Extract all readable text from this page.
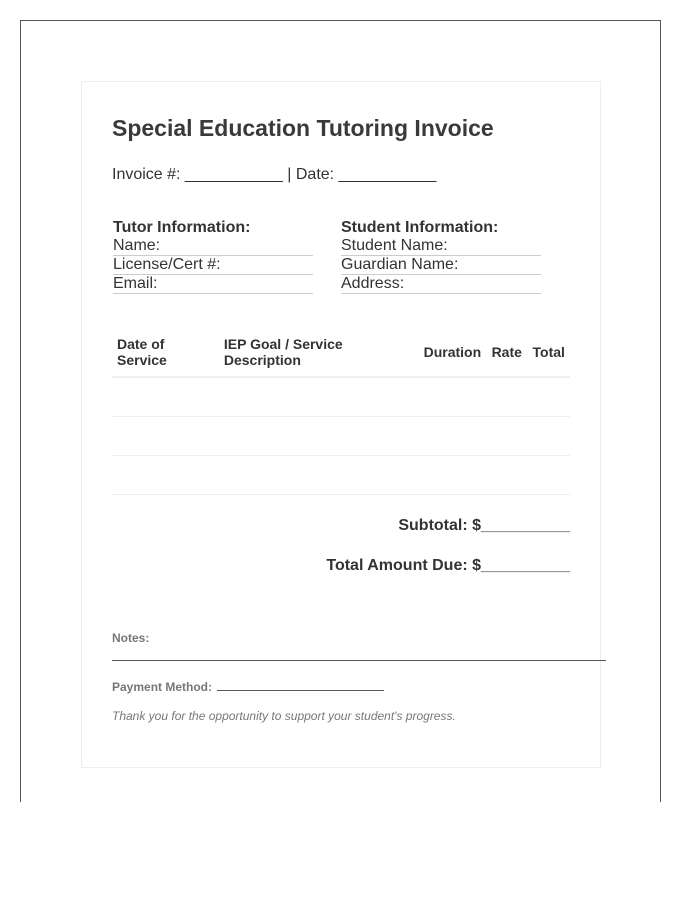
Special Education Tutoring Invoice
Invoice #: ___________ | Date: ___________
Tutor Information:
Name:
License/Cert #:
Email:
Student Information:
Student Name:
Guardian Name:
Address:
Date of Service	IEP Goal / Service Description	Duration	Rate	Total

Subtotal: $__________
Total Amount Due: $__________
Notes:
Payment Method:
Thank you for the opportunity to support your student's progress.
